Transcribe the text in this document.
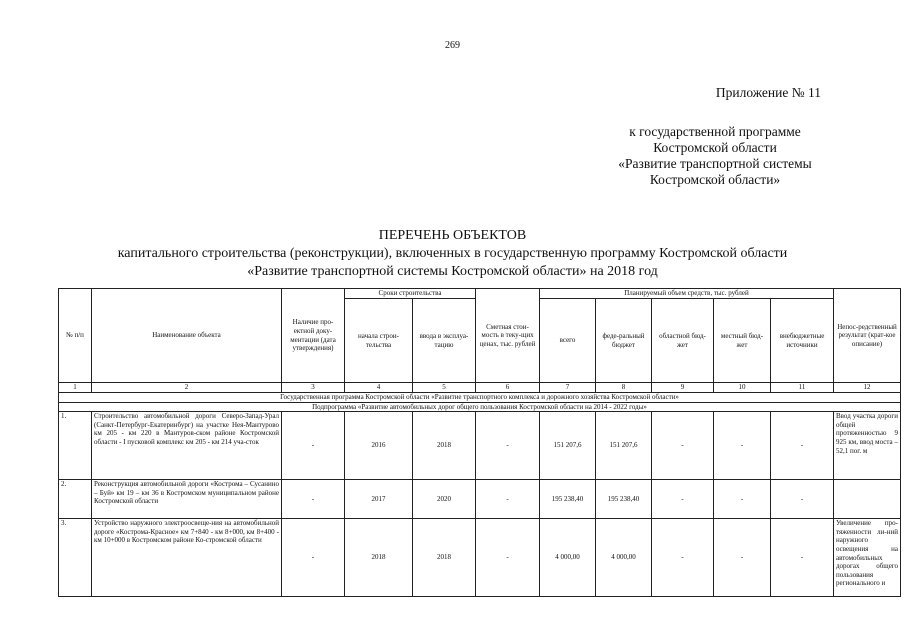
269
Приложение № 11
к государственной программе
Костромской области
«Развитие транспортной системы
Костромской области»
ПЕРЕЧЕНЬ ОБЪЕКТОВ
капитального строительства (реконструкции), включенных в государственную программу Костромской области
«Развитие транспортной системы Костромской области» на 2018 год
№ п/п	Наименование объекта	Наличие про-ектной доку-ментации (дата утверждения)	Сроки строительства		Сметная стои-мость в теку-щих ценах, тыс. рублей	Планируемый объем средств, тыс. рублей					Непос-редственный результат (крат-кое описание)
			начала строи-тельства	ввода в эксплуа-тацию		всего	феде-ральный бюджет	областной бюд-жет	местный бюд-жет	внебюджетные источники	
1	2	3	4	5	6	7	8	9	10	11	12
Государственная программа Костромской области «Развитие транспортного комплекса и дорожного хозяйства Костромской области»											
Подпрограмма «Развитие автомобильных дорог общего пользования Костромской области на 2014 - 2022 годы»											
1.	Строительство автомобильной дороги Северо-Запад-Урал (Санкт-Петербург-Екатеринбург) на участке Нея-Мантурово км 205 - км 220 в Мантуров-ском районе Костромской области - I пусковой комплекс км 205 - км 214 уча-сток	-	2016	2018	-	151 207,6	151 207,6	-	-	-	Ввод участка дороги общей протяженностью 9 925 км, ввод моста – 52,1 пог. м
2.	Реконструкция автомобильной дороги «Кострома – Сусанино – Буй» км 19 – км 36 в Костромском муниципальном районе Костромской области	-	2017	2020	-	195 238,40	195 238,40	-	-	-	
3.	Устройство наружного электроосвеще-ния на автомобильной дороге «Кострома-Красное» км 7+840 - км 8+000, км 8+400 - км 10+000 в Костромском районе Ко-стромской области	-	2018	2018	-	4 000,00	4 000,00	-	-	-	Увеличение про-тяженности ли-ний наружного освещения на автомобильных дорогах общего пользования регионального и
